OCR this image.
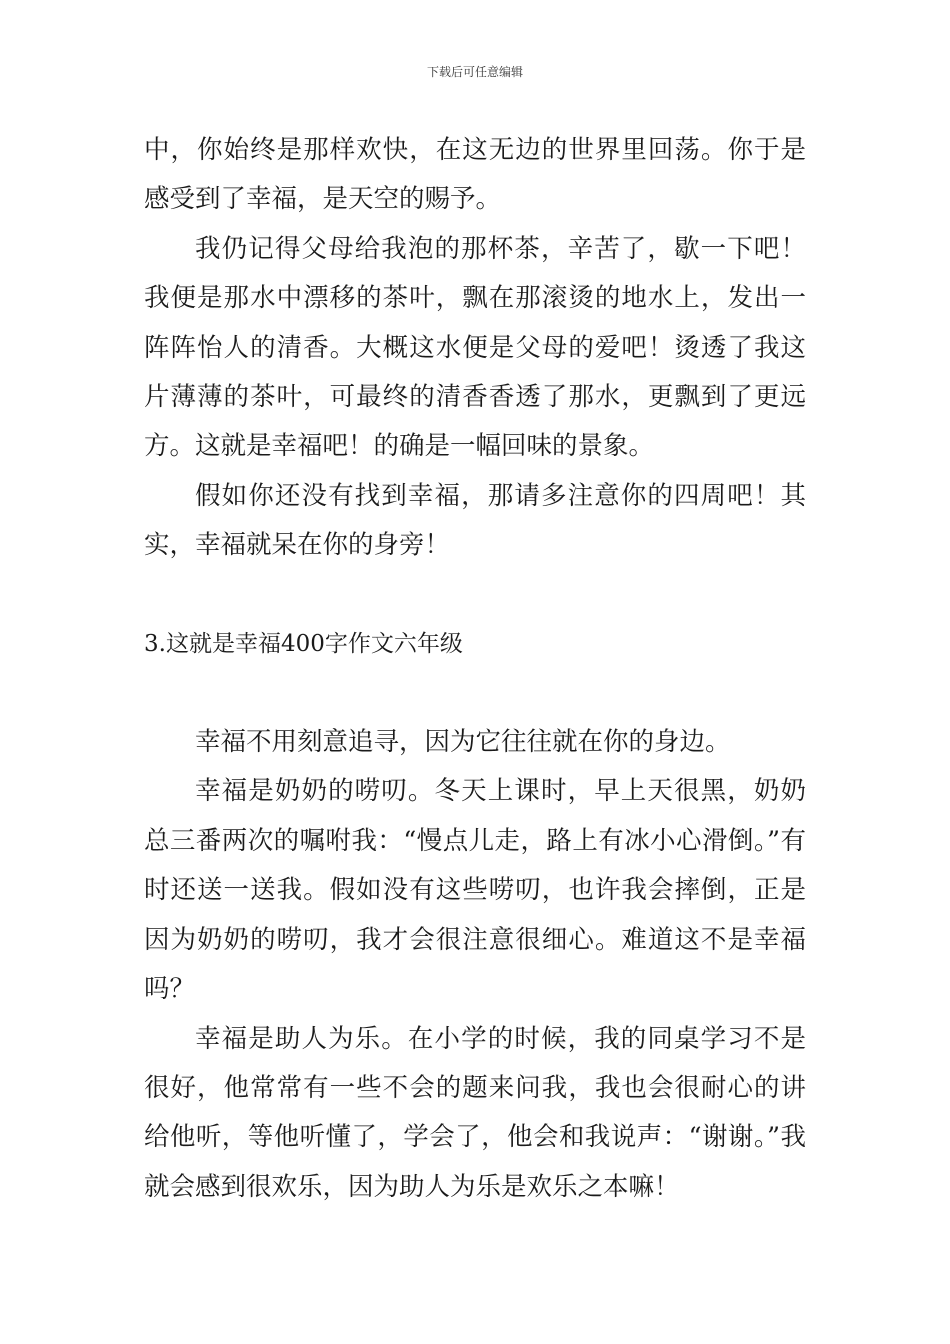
下载后可任意编辑

中，你始终是那样欢快，在这无边的世界里回荡。你于是感受到了幸福，是天空的赐予。

我仍记得父母给我泡的那杯茶，辛苦了，歇一下吧！我便是那水中漂移的茶叶，飘在那滚烫的地水上，发出一阵阵怡人的清香。大概这水便是父母的爱吧！烫透了我这片薄薄的茶叶，可最终的清香香透了那水，更飘到了更远方。这就是幸福吧！的确是一幅回味的景象。

假如你还没有找到幸福，那请多注意你的四周吧！其实，幸福就呆在你的身旁！

3.这就是幸福400字作文六年级

幸福不用刻意追寻，因为它往往就在你的身边。

幸福是奶奶的唠叨。冬天上课时，早上天很黑，奶奶总三番两次的嘱咐我：“慢点儿走，路上有冰小心滑倒。”有时还送一送我。假如没有这些唠叨，也许我会摔倒，正是因为奶奶的唠叨，我才会很注意很细心。难道这不是幸福吗？

幸福是助人为乐。在小学的时候，我的同桌学习不是很好，他常常有一些不会的题来问我，我也会很耐心的讲给他听，等他听懂了，学会了，他会和我说声：“谢谢。”我就会感到很欢乐，因为助人为乐是欢乐之本嘛！
